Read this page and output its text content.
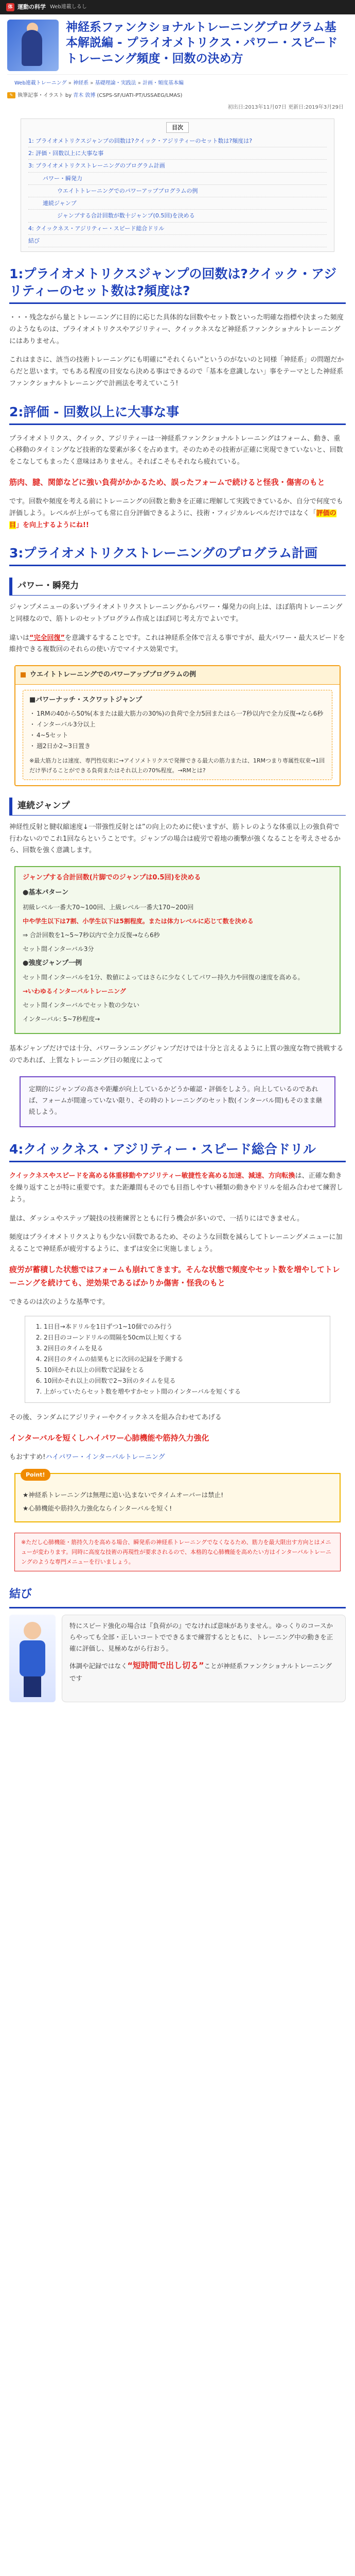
体 運動の科学 Web連載しるし
神経系ファンクショナルトレーニングプログラム基本解説編 - プライオメトリクス・パワー・スピードトレーニング頻度・回数の決め方
Web連載トレーニング » 神経系 » 基礎理論・実践法 » 計画・頻度基本編
✎ 執筆記事・イラスト by 青木 敦博 (CSPS-SF/UATI-PT/USSAEG/LMAS)
初出日:2013年11月07日 更新日:2019年3月29日
目次
1: プライオメトリクスジャンプの回数は?クイック・アジリティーのセット数は?頻度は?
2: 評価・回数以上に大事な事
3: プライオメトリクストレーニングのプログラム計画
パワー・瞬発力
ウエイトトレーニングでのパワーアッププログラムの例
連続ジャンプ
ジャンプする合計回数が数十ジャンプ(0.5回)を決める
4: クイックネス・アジリティー・スピード総合ドリル
結び
1:プライオメトリクスジャンプの回数は?クイック・アジリティーのセット数は?頻度は?

・・・残念ながら量とトレーニングに目的に応じた具体的な回数やセット数といった明確な指標や決まった頻度のようなものは、プライオメトリクスやアジリティー、クイックネスなど神経系ファンクショナルトレーニングにはありません。

これはまさに、該当の技術トレーニングにも明確に“それくらい”というのがないのと同様「神経系」の問題だからだと思います。でもある程度の目安なら決める事はできるので「基本を意識しない」事をテーマとした神経系ファンクショナルトレーニングで計画法を考えていこう!

2:評価 - 回数以上に大事な事

プライオメトリクス、クイック、アジリティーは一神経系ファンクショナルトレーニングはフォーム、動き、重心移動のタイミングなど技術的な要素が多くを占めます。そのためその技術が正確に実現できていないと、回数をこなしてもまったく意味はありません。そればこそもそれなら疲れている。

筋肉、腱、関節などに強い負荷がかかるため、誤ったフォームで続けると怪我・傷害のもと

です。回数や頻度を考える前にトレーニングの回数と動きを正確に理解して実践できているか、自分で何度でも評価しよう。レベルが上がっても常に自分評価できるように、技術・フィジカルレベルだけではなく「評価の目」を向上するようにね!!

3:プライオメトリクストレーニングのプログラム計画
パワー・瞬発力

ジャンプメニューの多いプライオメトリクストレーニングからパワー・爆発力の向上は、ほぼ筋肉トレーニングと同様なので、筋トレのセットプログラム作成とほぼ同じ考え方でよいです。

違いは“完全回復”を意識するすることです。これは神経系全体で言える事ですが、最大パワー・最大スピードを維持できる複数回のそれらの使い方でマイナス効果です。

ウエイトトレーニングでのパワーアッププログラムの例
■パワーナッチ・スクワットジャンプ
・ 1RMの40から50%(本または最大筋力の30%)の負荷で全力5回またはら一7秒以内で全力反復→なら6秒
・ インターバル3分以上
・ 4~5セット
・ 週2日か2~3日置き
※最大筋力とは速度、専門性収束に→アイソメトリクスで発揮できる最大の筋力または、1RMつまり専属性収束→1回だけ挙げることができる負荷またはそれ以上の70%程度。→RMとは?
連続ジャンプ

神経性反射と腱収縮速度↓一帯強性反射とは”の向上のために使いますが、筋トレのような体重以上の強負荷で行わないのでこれ1回ならということです。ジャンプの場合は疲労で着地の衝撃が強くなることを考えさせるから、回数を強く意識します。

ジャンプする合計回数(片脚でのジャンプは0.5回)を決める
●基本パターン

初級レベル一番大70~100回、上級レベル一番大170~200回

中や学生以下は7割、小学生以下は5割程度。または体力レベルに応じて数を決める

⇒ 合計回数を1~5~7秒以内で全力反復→なら6秒

セット間インターバル3分

●強度ジャンプ一例

セット間インターバルを1分、数値によってはさらに少なくしてパワー持久力や回復の速度を高める。

→いわゆるインターバルトレーニング

セット間インターバルでセット数の少ない

インターバル: 5~7秒程度→

基本ジャンプだけでは十分、パワーランニングジャンプだけでは十分と言えるように上質の強度な物で挑戦するのであれば、上質なトレーニング日の頻度によって

定期的にジャンプの高さや距離が向上しているかどうか確認・評価をしよう。向上しているのであれば、フォームが間違っていない限り、その時のトレーニングのセット数(インターバル間)もそのまま継続しよう。

4:クイックネス・アジリティー・スピード総合ドリル

クイックネスやスピードを高める体重移動やアジリティー敏捷性を高める加速、減速、方向転換は、正確な動きを繰り返すことが特に重要です。また距離間もそのでも目指しやすい種類の動きやドリルを組み合わせて練習しよう。

量は、ダッシュやステップ競技の技術練習とともに行う機会が多いので、一括りにはできません。

頻度はプライオメトリクスよりも少ない回数であるため、そのような回数を減らしてトレーニングメニューに加えることで神経系が疲労するように、まずは安全に実施しましょう。

疲労が蓄積した状態ではフォームも崩れてきます。そんな状態で頻度やセット数を増やしてトレーニングを続けても、逆効果であるばかりか傷害・怪我のもと

できるのは次のような基準です。

1. 1日目→本ドリルを1日ずつ1~10個でのみ行う
2. 2日目のコーンドリルの間隔を50cm以上短くする
3. 2回目のタイムを見る
4. 2回目のタイムの結果もとに次回の記録を予測する
5. 10回かそれ以上の回数で記録をとる
6. 10回かそれ以上の回数で2~3回のタイムを見る
7. 上がっていたらセット数を増やすかセット間のインターバルを短くする

その後、ランダムにアジリティーやクイックネスを組み合わせてあげる

インターバルを短くしハイパワー心肺機能や筋持久力強化

もおすすめ!ハイパワー・インターバルトレーニング

Point!

★神経系トレーニングは無理に追い込まないでタイムオーバーは禁止!

★心肺機能や筋持久力強化ならインターバルを短く!

※ただし心肺機能・筋持久力を高める場合、瞬発系の神経系トレーニングでなくなるため、筋力を最大限出す方向とはメニューが変わります。同時に高度な技術の再現性が要求されるので、本格的な心肺機能を高めたい方はインターバルトレーニングのような専門メニューを行いましょう。
結び

特にスピード強化の場合は『負荷がの』でなければ意味がありません。ゆっくりのコースからやっても全部・正しいコートでできるまで練習するとともに、トレーニング中の動きを正確に評価し、見極めながら行おう。

体調や記録ではなく“短時間で出し切る”ことが神経系ファンクショナルトレーニングです
